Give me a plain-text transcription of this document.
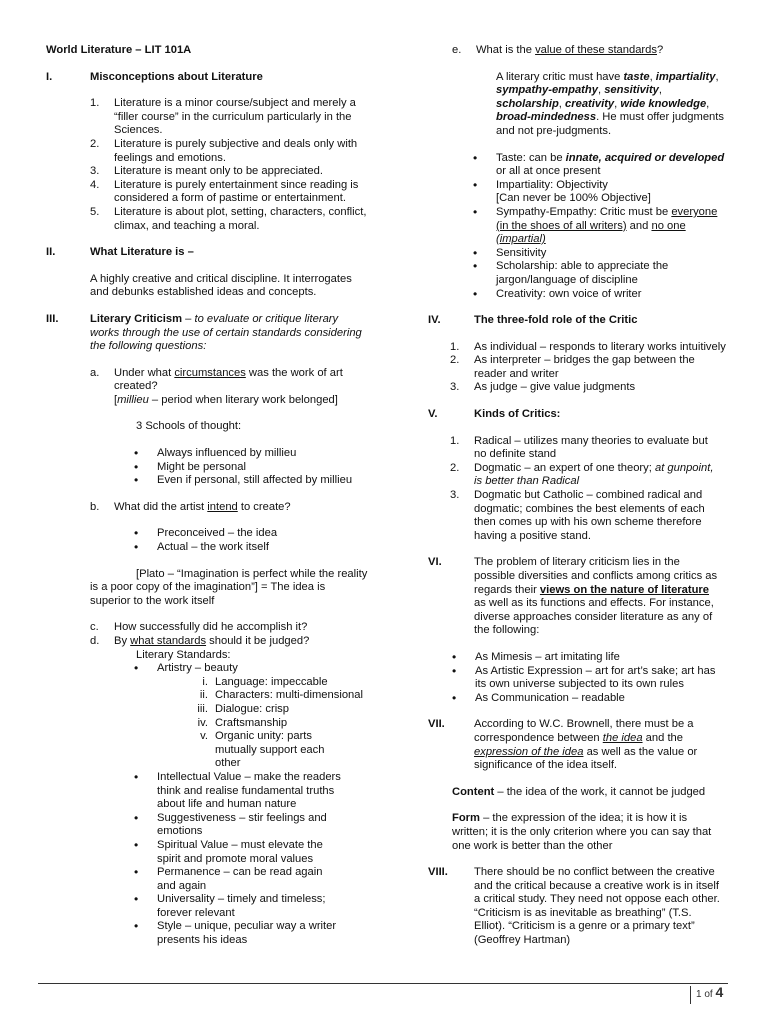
World Literature – LIT 101A
I.	Misconceptions about Literature
1.	Literature is a minor course/subject and merely a “filler course” in the curriculum particularly in the Sciences.
2.	Literature is purely subjective and deals only with feelings and emotions.
3.	Literature is meant only to be appreciated.
4.	Literature is purely entertainment since reading is considered a form of pastime or entertainment.
5.	Literature is about plot, setting, characters, conflict, climax, and teaching a moral.
II.	What Literature is –
A highly creative and critical discipline. It interrogates and debunks established ideas and concepts.
III.	Literary Criticism – to evaluate or critique literary works through the use of certain standards considering the following questions:
a.	Under what circumstances was the work of art created?
[millieu – period when literary work belonged]
3 Schools of thought:
•	Always influenced by millieu
•	Might be personal
•	Even if personal, still affected by millieu
b.	What did the artist intend to create?
•	Preconceived – the idea
•	Actual – the work itself
[Plato – “Imagination is perfect while the reality is a poor copy of the imagination”] = The idea is superior to the work itself
c.	How successfully did he accomplish it?
d.	By what standards should it be judged?
Literary Standards:
•	Artistry – beauty
i. Language: impeccable
ii. Characters: multi-dimensional
iii. Dialogue: crisp
iv. Craftsmanship
v. Organic unity: parts mutually support each other
•	Intellectual Value – make the readers think and realise fundamental truths about life and human nature
•	Suggestiveness – stir feelings and emotions
•	Spiritual Value – must elevate the spirit and promote moral values
•	Permanence – can be read again and again
•	Universality – timely and timeless; forever relevant
•	Style – unique, peculiar way a writer presents his ideas
e.	What is the value of these standards?
A literary critic must have taste, impartiality, sympathy-empathy, sensitivity, scholarship, creativity, wide knowledge, broad-mindedness. He must offer judgments and not pre-judgments.
•	Taste: can be innate, acquired or developed or all at once present
•	Impartiality: Objectivity
[Can never be 100% Objective]
•	Sympathy-Empathy: Critic must be everyone (in the shoes of all writers) and no one (impartial)
•	Sensitivity
•	Scholarship: able to appreciate the jargon/language of discipline
•	Creativity: own voice of writer
IV.	The three-fold role of the Critic
1.	As individual – responds to literary works intuitively
2.	As interpreter – bridges the gap between the reader and writer
3.	As judge – give value judgments
V.	Kinds of Critics:
1.	Radical – utilizes many theories to evaluate but no definite stand
2.	Dogmatic – an expert of one theory; at gunpoint, is better than Radical
3.	Dogmatic but Catholic – combined radical and dogmatic; combines the best elements of each then comes up with his own scheme therefore having a positive stand.
VI.	The problem of literary criticism lies in the possible diversities and conflicts among critics as regards their views on the nature of literature as well as its functions and effects. For instance, diverse approaches consider literature as any of the following:
•	As Mimesis – art imitating life
•	As Artistic Expression – art for art’s sake; art has its own universe subjected to its own rules
•	As Communication – readable
VII.	According to W.C. Brownell, there must be a correspondence between the idea and the expression of the idea as well as the value or significance of the idea itself.
Content – the idea of the work, it cannot be judged
Form – the expression of the idea; it is how it is written; it is the only criterion where you can say that one work is better than the other
VIII.	There should be no conflict between the creative and the critical because a creative work is in itself a critical study. They need not oppose each other. “Criticism is as inevitable as breathing” (T.S. Elliot). “Criticism is a genre or a primary text” (Geoffrey Hartman)
1 of 4
